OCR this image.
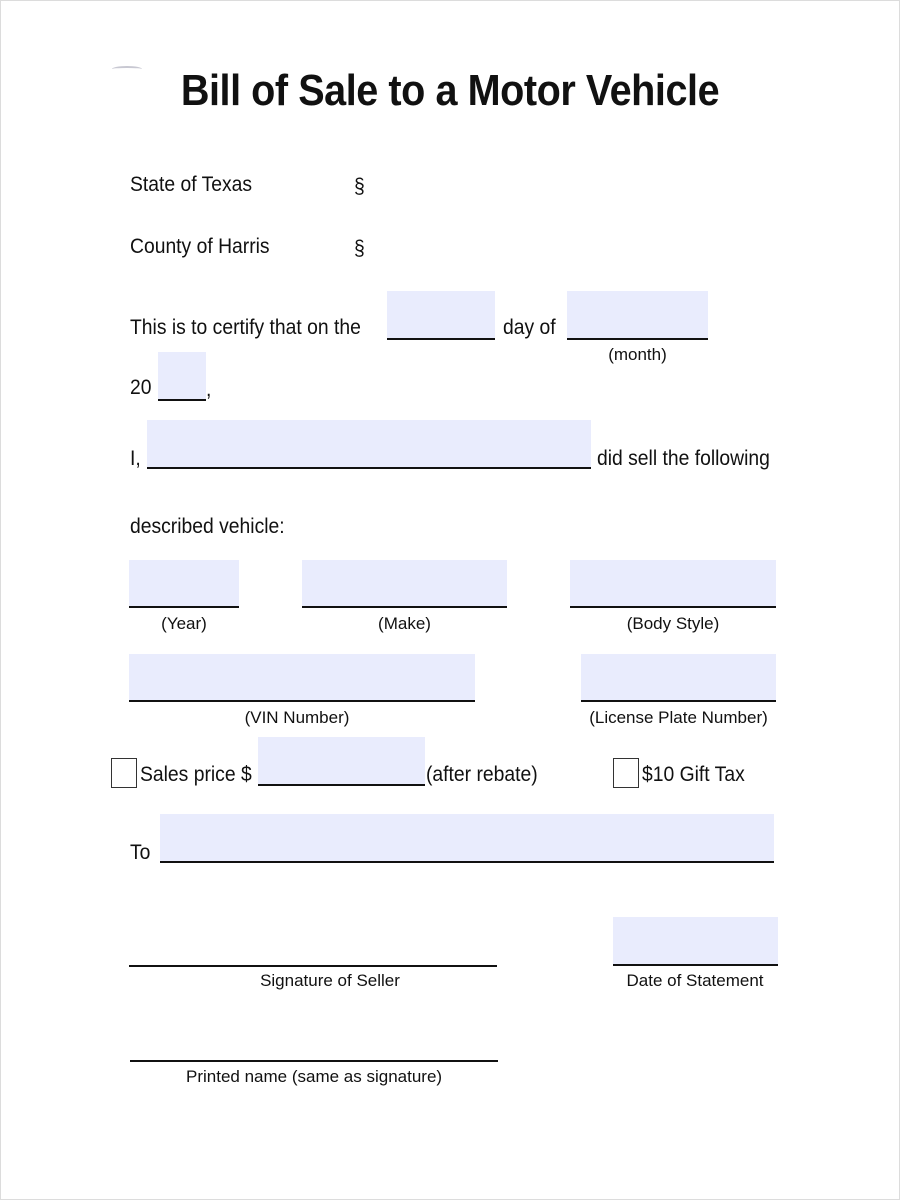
Bill of Sale to a Motor Vehicle
State of Texas	§
County of Harris	§
This is to certify that on the	day of
(month)
20	,
I,	did sell the following
described vehicle:
(Year)	(Make)	(Body Style)
(VIN Number)	(License Plate Number)
Sales price $	(after rebate)	$10 Gift Tax
To
Signature of Seller	Date of Statement
Printed name (same as signature)
